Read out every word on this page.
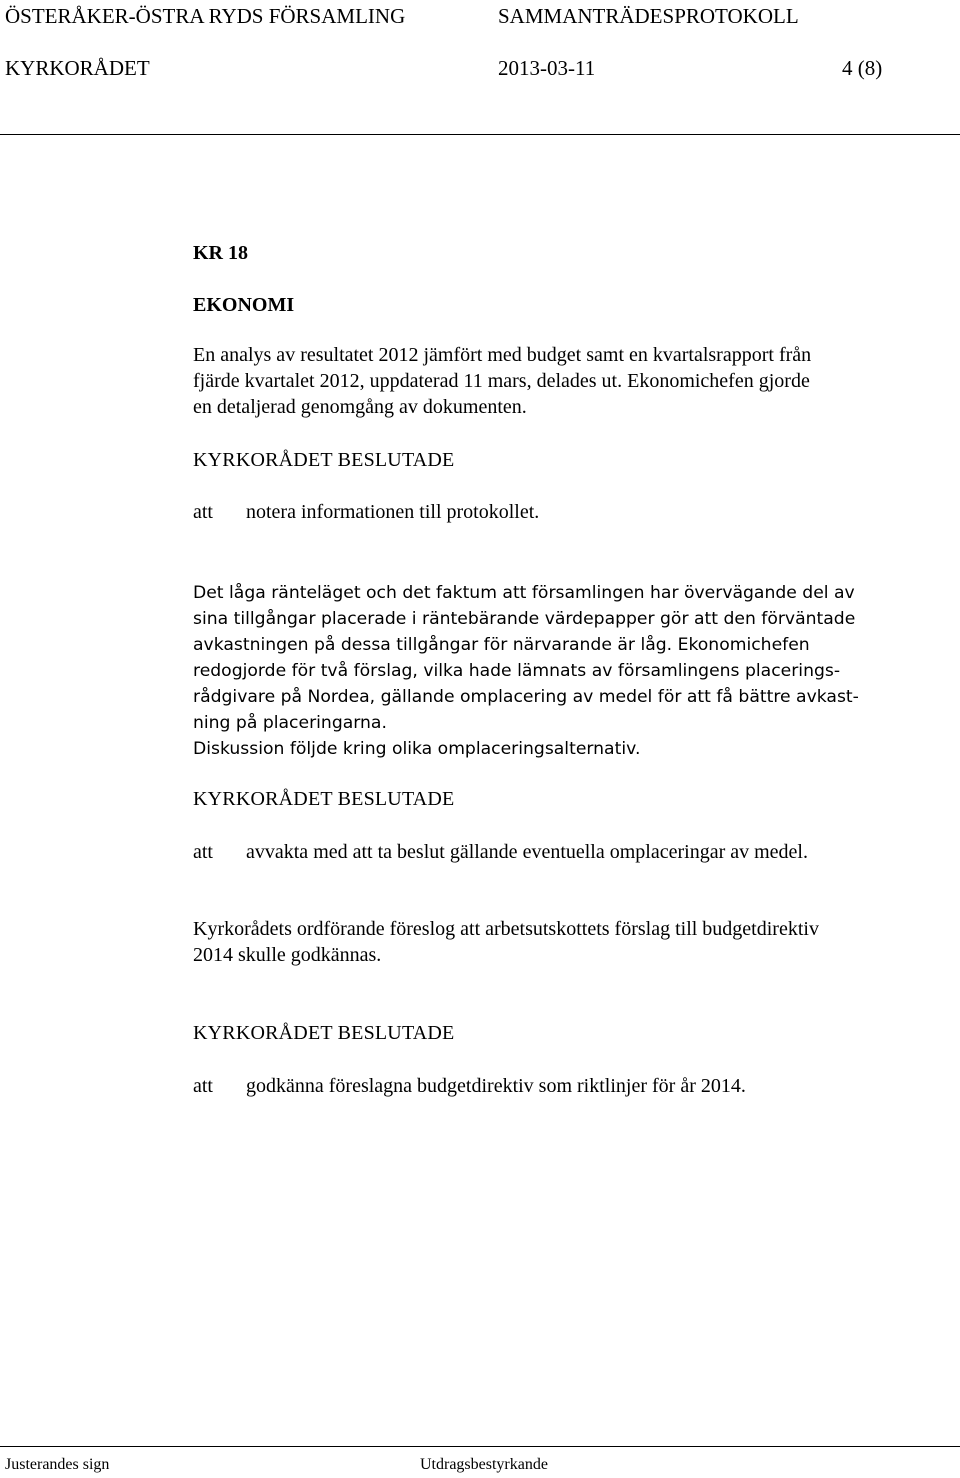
ÖSTERÅKER-ÖSTRA RYDS FÖRSAMLING	SAMMANTRÄDESPROTOKOLL
KYRKORÅDET	2013-03-11	4 (8)
KR 18
EKONOMI
En analys av resultatet 2012 jämfört med budget samt en kvartalsrapport från
fjärde kvartalet 2012, uppdaterad 11 mars, delades ut. Ekonomichefen gjorde
en detaljerad genomgång av dokumenten.
KYRKORÅDET BESLUTADE
att notera informationen till protokollet.
Det låga ränteläget och det faktum att församlingen har övervägande del av
sina tillgångar placerade i räntebärande värdepapper gör att den förväntade
avkastningen på dessa tillgångar för närvarande är låg. Ekonomichefen
redogjorde för två förslag, vilka hade lämnats av församlingens placerings-
rådgivare på Nordea, gällande omplacering av medel för att få bättre avkast-
ning på placeringarna.
Diskussion följde kring olika omplaceringsalternativ.
KYRKORÅDET BESLUTADE
att avvakta med att ta beslut gällande eventuella omplaceringar av medel.
Kyrkorådets ordförande föreslog att arbetsutskottets förslag till budgetdirektiv
2014 skulle godkännas.
KYRKORÅDET BESLUTADE
att godkänna föreslagna budgetdirektiv som riktlinjer för år 2014.
Justerandes sign	Utdragsbestyrkande
